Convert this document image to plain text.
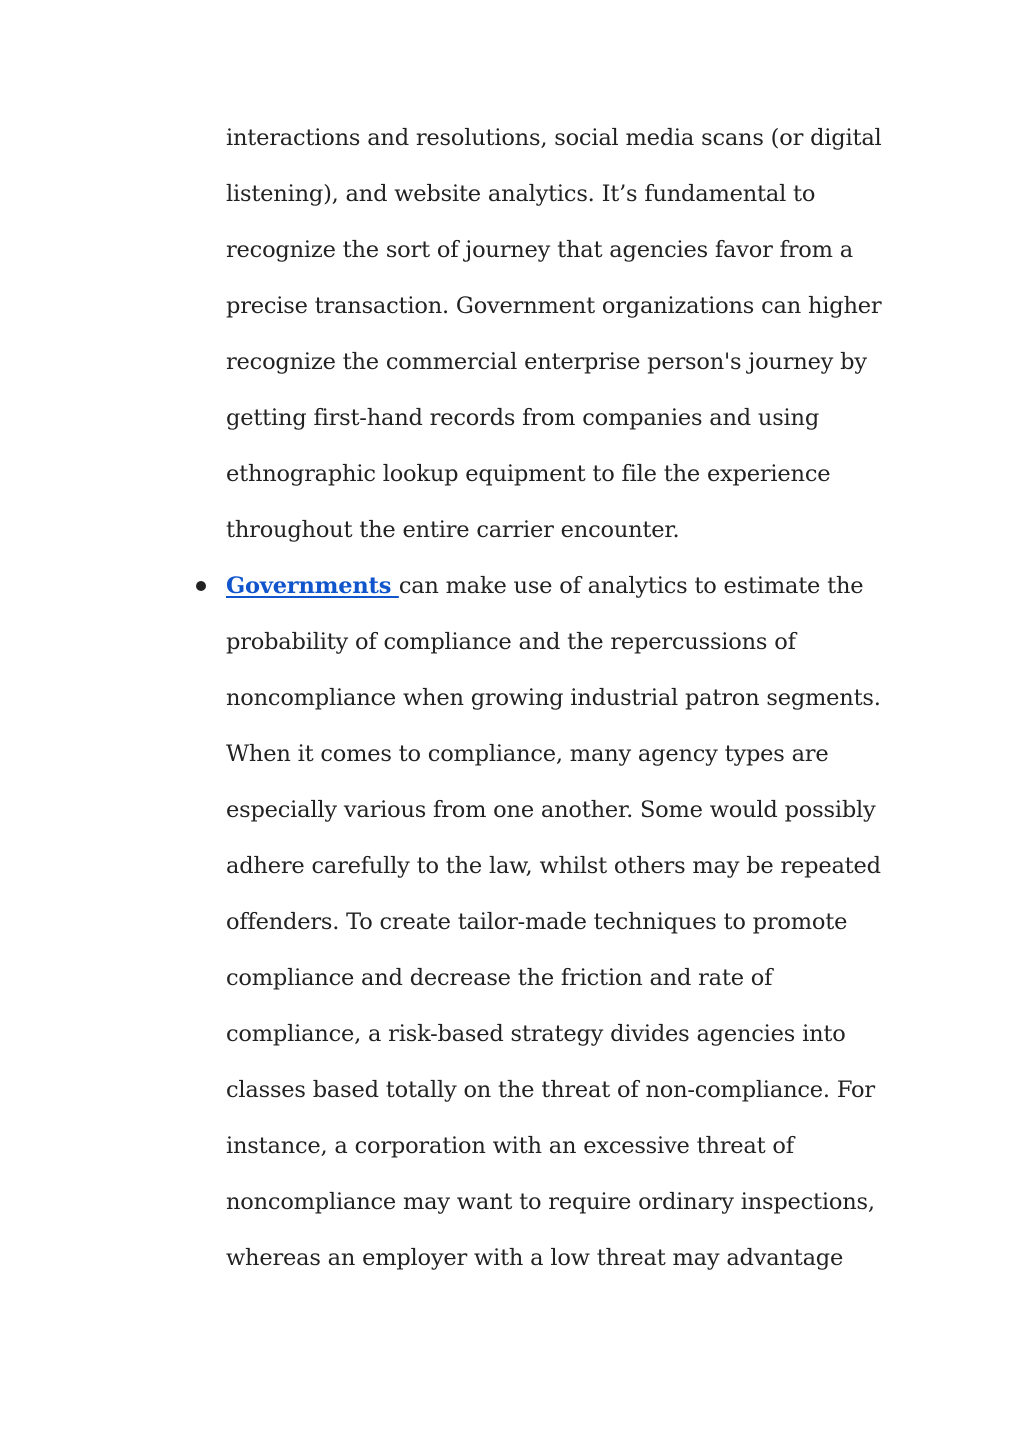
interactions and resolutions, social media scans (or digital
listening), and website analytics. It’s fundamental to
recognize the sort of journey that agencies favor from a
precise transaction. Government organizations can higher
recognize the commercial enterprise person's journey by
getting first-hand records from companies and using
ethnographic lookup equipment to file the experience
throughout the entire carrier encounter.
Governments can make use of analytics to estimate the
probability of compliance and the repercussions of
noncompliance when growing industrial patron segments.
When it comes to compliance, many agency types are
especially various from one another. Some would possibly
adhere carefully to the law, whilst others may be repeated
offenders. To create tailor-made techniques to promote
compliance and decrease the friction and rate of
compliance, a risk-based strategy divides agencies into
classes based totally on the threat of non-compliance. For
instance, a corporation with an excessive threat of
noncompliance may want to require ordinary inspections,
whereas an employer with a low threat may advantage
